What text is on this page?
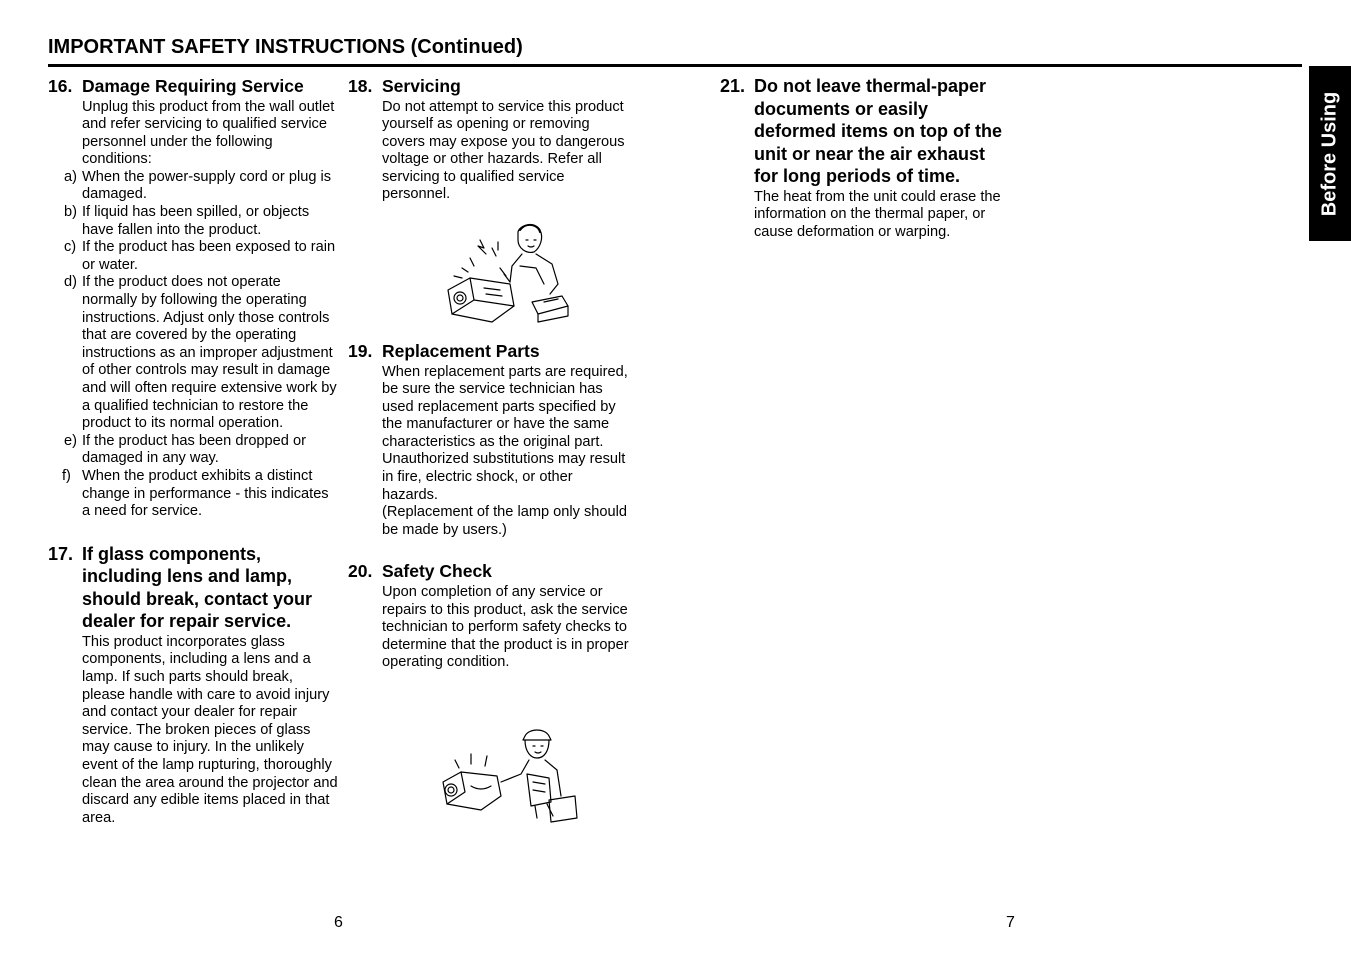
IMPORTANT SAFETY INSTRUCTIONS (Continued)
Before Using
16. Damage Requiring Service
Unplug this product from the wall outlet and refer servicing to qualified service personnel under the following conditions:
a) When the power-supply cord or plug is damaged.
b) If liquid has been spilled, or objects have fallen into the product.
c) If the product has been exposed to rain or water.
d) If the product does not operate normally by following the operating instructions. Adjust only those controls that are covered by the operating instructions as an improper adjustment of other controls may result in damage and will often require extensive work by a qualified technician to restore the product to its normal operation.
e) If the product has been dropped or damaged in any way.
f) When the product exhibits a distinct change in performance - this indicates a need for service.
17. If glass components, including lens and lamp, should break, contact your dealer for repair service.
This product incorporates glass components, including a lens and a lamp. If such parts should break, please handle with care to avoid injury and contact your dealer for repair service. The broken pieces of glass may cause to injury. In the unlikely event of the lamp rupturing, thoroughly clean the area around the projector and discard any edible items placed in that area.
18. Servicing
Do not attempt to service this product yourself as opening or removing covers may expose you to dangerous voltage or other hazards. Refer all servicing to qualified service personnel.
19. Replacement Parts
When replacement parts are required, be sure the service technician has used replacement parts specified by the manufacturer or have the same characteristics as the original part. Unauthorized substitutions may result in fire, electric shock, or other hazards.
(Replacement of the lamp only should be made by users.)
20. Safety Check
Upon completion of any service or repairs to this product, ask the service technician to perform safety checks to determine that the product is in proper operating condition.
21. Do not leave thermal-paper documents or easily deformed items on top of the unit or near the air exhaust for long periods of time.
The heat from the unit could erase the information on the thermal paper, or cause deformation or warping.
6	7
